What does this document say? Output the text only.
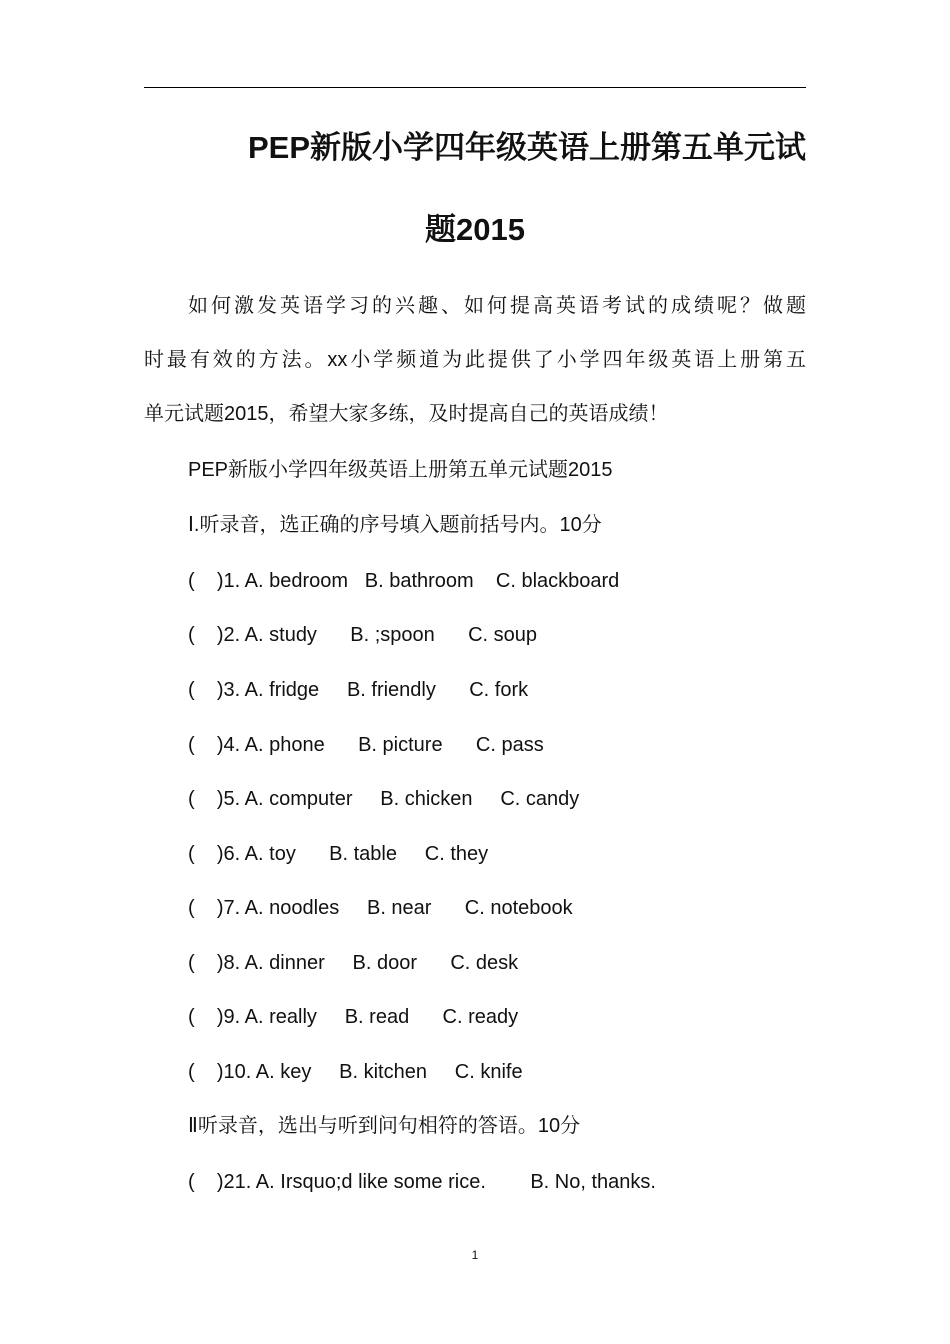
PEP新版小学四年级英语上册第五单元试
题2015
如何激发英语学习的兴趣、如何提高英语考试的成绩呢？做题
时最有效的方法。xx小学频道为此提供了小学四年级英语上册第五
单元试题2015，希望大家多练，及时提高自己的英语成绩！
PEP新版小学四年级英语上册第五单元试题2015
Ⅰ.听录音，选正确的序号填入题前括号内。10分
(    )1. A. bedroom   B. bathroom    C. blackboard
(    )2. A. study      B. ;spoon      C. soup
(    )3. A. fridge     B. friendly      C. fork
(    )4. A. phone      B. picture      C. pass
(    )5. A. computer     B. chicken     C. candy
(    )6. A. toy      B. table     C. they
(    )7. A. noodles     B. near      C. notebook
(    )8. A. dinner     B. door      C. desk
(    )9. A. really     B. read      C. ready
(    )10. A. key     B. kitchen     C. knife
Ⅱ听录音，选出与听到问句相符的答语。10分
(    )21. A. Irsquo;d like some rice.        B. No, thanks.
1
